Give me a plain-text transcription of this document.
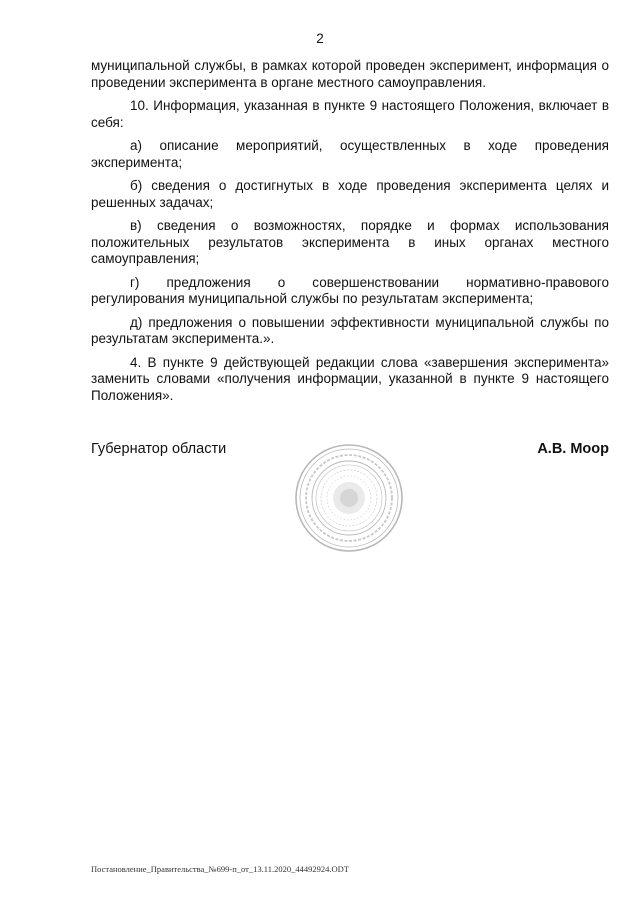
2

муниципальной службы, в рамках которой проведен эксперимент, информация о проведении эксперимента в органе местного самоуправления.

10. Информация, указанная в пункте 9 настоящего Положения, включает в себя:

а) описание мероприятий, осуществленных в ходе проведения эксперимента;

б) сведения о достигнутых в ходе проведения эксперимента целях и решенных задачах;

в) сведения о возможностях, порядке и формах использования положительных результатов эксперимента в иных органах местного самоуправления;

г) предложения о совершенствовании нормативно-правового регулирования муниципальной службы по результатам эксперимента;

д) предложения о повышении эффективности муниципальной службы по результатам эксперимента.».

4. В пункте 9 действующей редакции слова «завершения эксперимента» заменить словами «получения информации, указанной в пункте 9 настоящего Положения».

Губернатор области	А.В. Моор
Постановление_Правительства_№699-п_от_13.11.2020_44492924.ODT
